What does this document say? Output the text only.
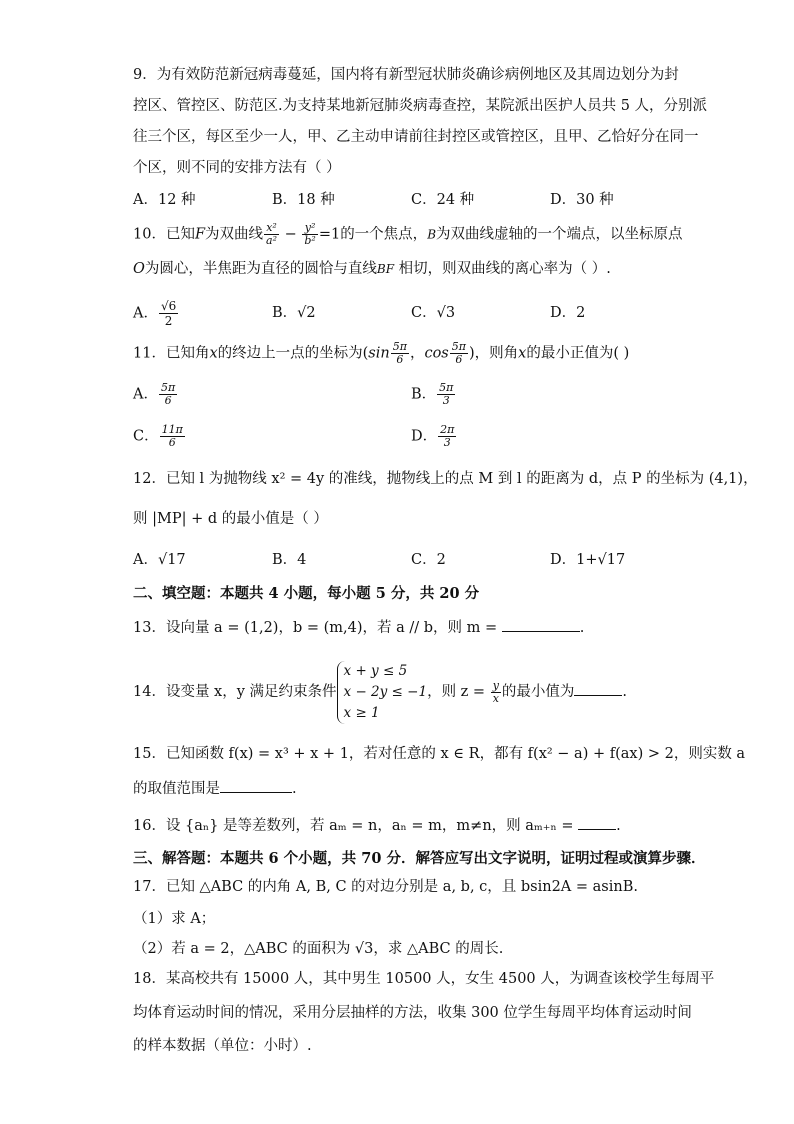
9．为有效防范新冠病毒蔓延，国内将有新型冠状肺炎确诊病例地区及其周边划分为封
控区、管控区、防范区.为支持某地新冠肺炎病毒查控，某院派出医护人员共 5 人，分别派
往三个区，每区至少一人，甲、乙主动申请前往封控区或管控区，且甲、乙恰好分在同一
个区，则不同的安排方法有（ ）
A．12 种	B．18 种	C．24 种	D．30 种
10．已知F为双曲线 $\frac{\text{x²}}{\text{a²}} - \frac{\text{y²}}{\text{b²}} =1$的一个焦点，B为双曲线虚轴的一个端点，以坐标原点
O为圆心，半焦距为直径的圆恰与直线BF 相切，则双曲线的离心率为（ ）.
A． $\frac{√6}{2}$	B．√2	C．√3	D．2
11．已知角x的终边上一点的坐标为($\sin \frac{5\pi}{6}$ ，$\cos \frac{5\pi}{6}$ )，则角x的最小正值为( )
A． $\frac{5\pi}{6}$	B． $\frac{5\pi}{3}$
C． $\frac{11\pi}{6}$	D． $\frac{2\pi}{3}$
12．已知 l 为抛物线 x² = 4y 的准线，抛物线上的点 M 到 l 的距离为 d，点 P 的坐标为 (4,1)，
则 |MP| + d 的最小值是（ ）
A．√17	B．4	C．2	D．1+√17
二、填空题：本题共 4 小题，每小题 5 分，共 20 分
13．设向量 a = (1,2)，b = (m,4)，若 a // b，则 m =	.
14．设变量 x，y 满足约束条件
x + y ≤ 5
x − 2y ≤ −1
x ≥ 1
，则 $z = \frac{y}{x}$ 的最小值为	.
15．已知函数 f(x) = x³ + x + 1，若对任意的 x ∈ R，都有 f(x² − a) + f(ax) > 2，则实数 a
的取值范围是	.
16．设 {aₙ} 是等差数列，若 aₘ = n，aₙ = m，m≠n，则 aₘ₊ₙ =	.
三、解答题：本题共 6 个小题，共 70 分．解答应写出文字说明，证明过程或演算步骤．
17．已知 △ABC 的内角 A, B, C 的对边分别是 a, b, c，且 bsin2A = asinB.
（1）求 A；
（2）若 a = 2，△ABC 的面积为 √3，求 △ABC 的周长.
18．某高校共有 15000 人，其中男生 10500 人，女生 4500 人，为调查该校学生每周平
均体育运动时间的情况，采用分层抽样的方法，收集 300 位学生每周平均体育运动时间
的样本数据（单位：小时）.
